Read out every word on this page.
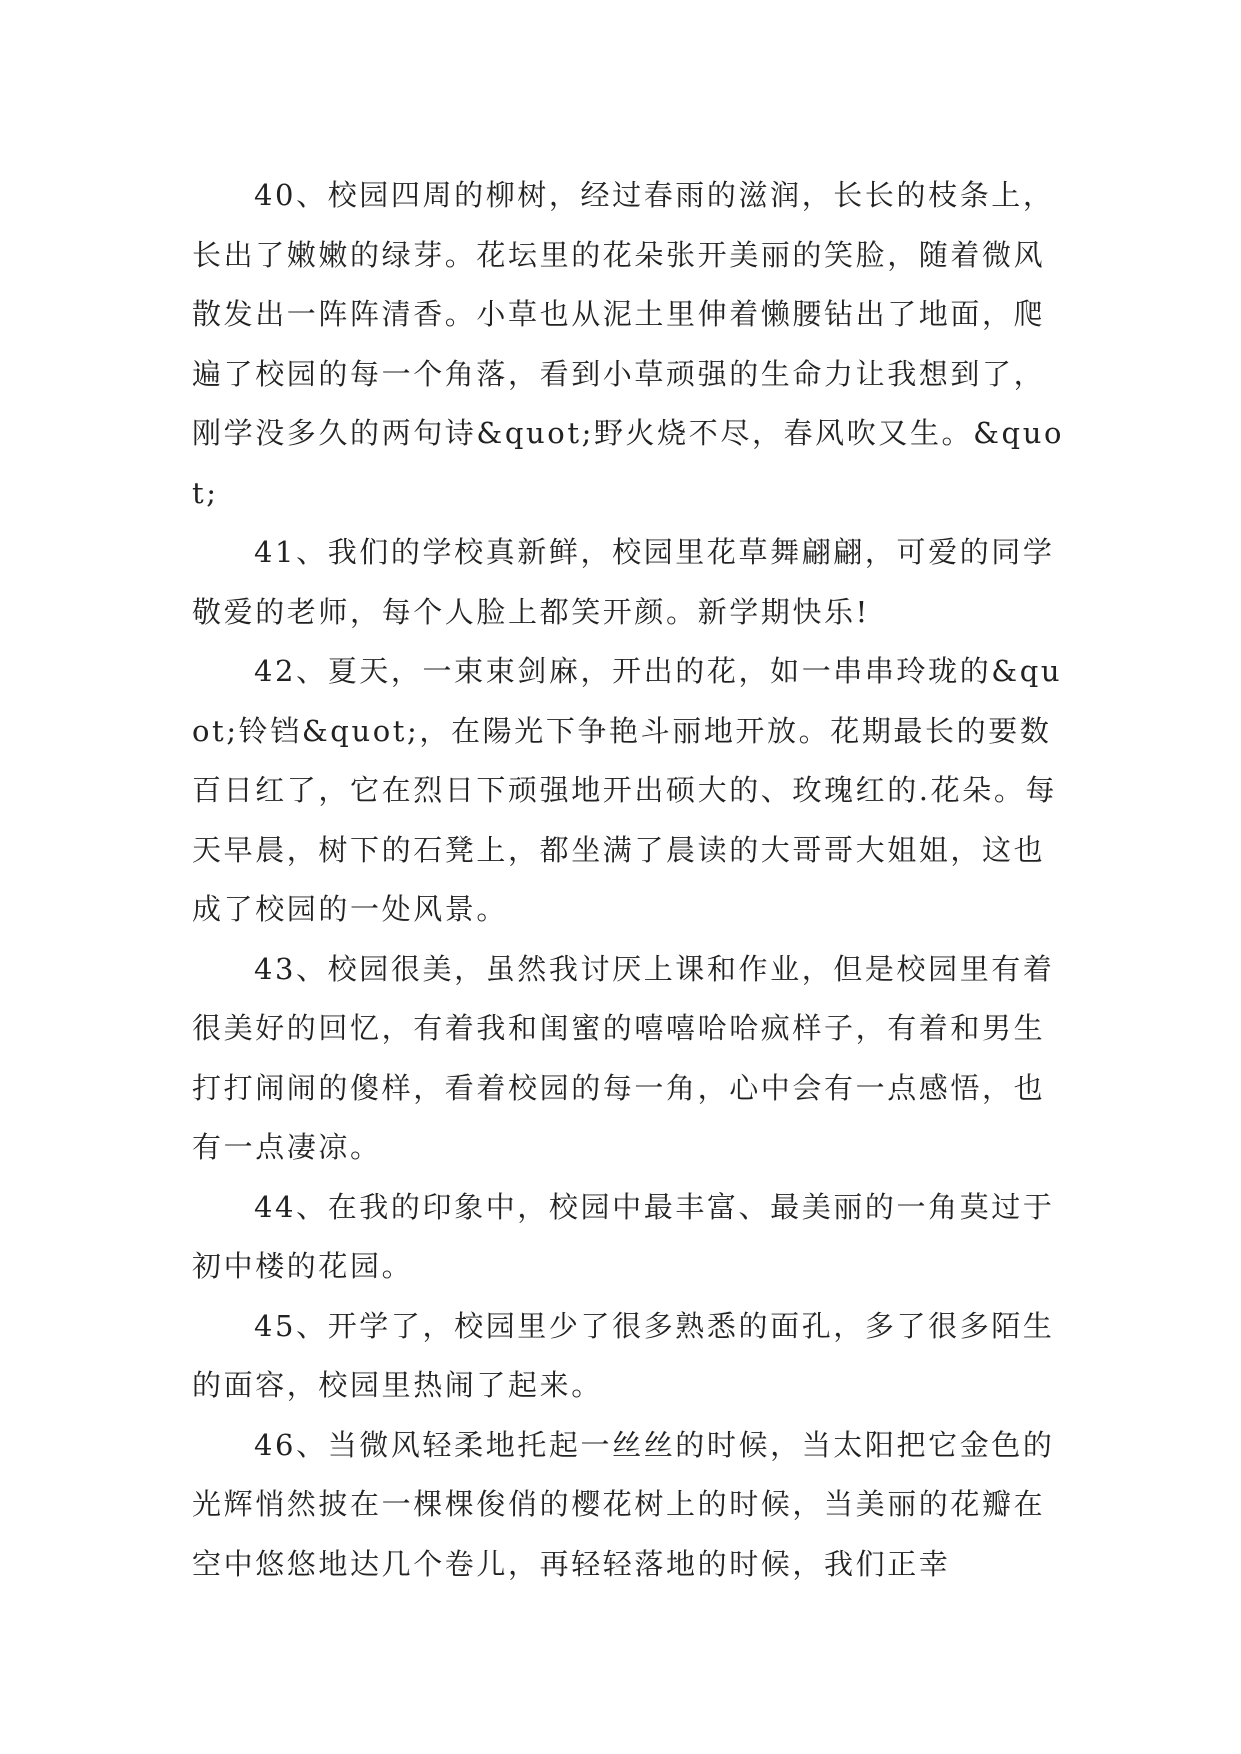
40、校园四周的柳树，经过春雨的滋润，长长的枝条上，长出了嫩嫩的绿芽。花坛里的花朵张开美丽的笑脸，随着微风散发出一阵阵清香。小草也从泥土里伸着懒腰钻出了地面，爬遍了校园的每一个角落，看到小草顽强的生命力让我想到了，刚学没多久的两句诗&quot;野火烧不尽，春风吹又生。&quot;

41、我们的学校真新鲜，校园里花草舞翩翩，可爱的同学敬爱的老师，每个人脸上都笑开颜。新学期快乐!

42、夏天，一束束剑麻，开出的花，如一串串玲珑的&quot;铃铛&quot;，在陽光下争艳斗丽地开放。花期最长的要数百日红了，它在烈日下顽强地开出硕大的、玫瑰红的.花朵。每天早晨，树下的石凳上，都坐满了晨读的大哥哥大姐姐，这也成了校园的一处风景。

43、校园很美，虽然我讨厌上课和作业，但是校园里有着很美好的回忆，有着我和闺蜜的嘻嘻哈哈疯样子，有着和男生打打闹闹的傻样，看着校园的每一角，心中会有一点感悟，也有一点凄凉。

44、在我的印象中，校园中最丰富、最美丽的一角莫过于初中楼的花园。

45、开学了，校园里少了很多熟悉的面孔，多了很多陌生的面容，校园里热闹了起来。

46、当微风轻柔地托起一丝丝的时候，当太阳把它金色的光辉悄然披在一棵棵俊俏的樱花树上的时候，当美丽的花瓣在空中悠悠地达几个卷儿，再轻轻落地的时候，我们正幸
